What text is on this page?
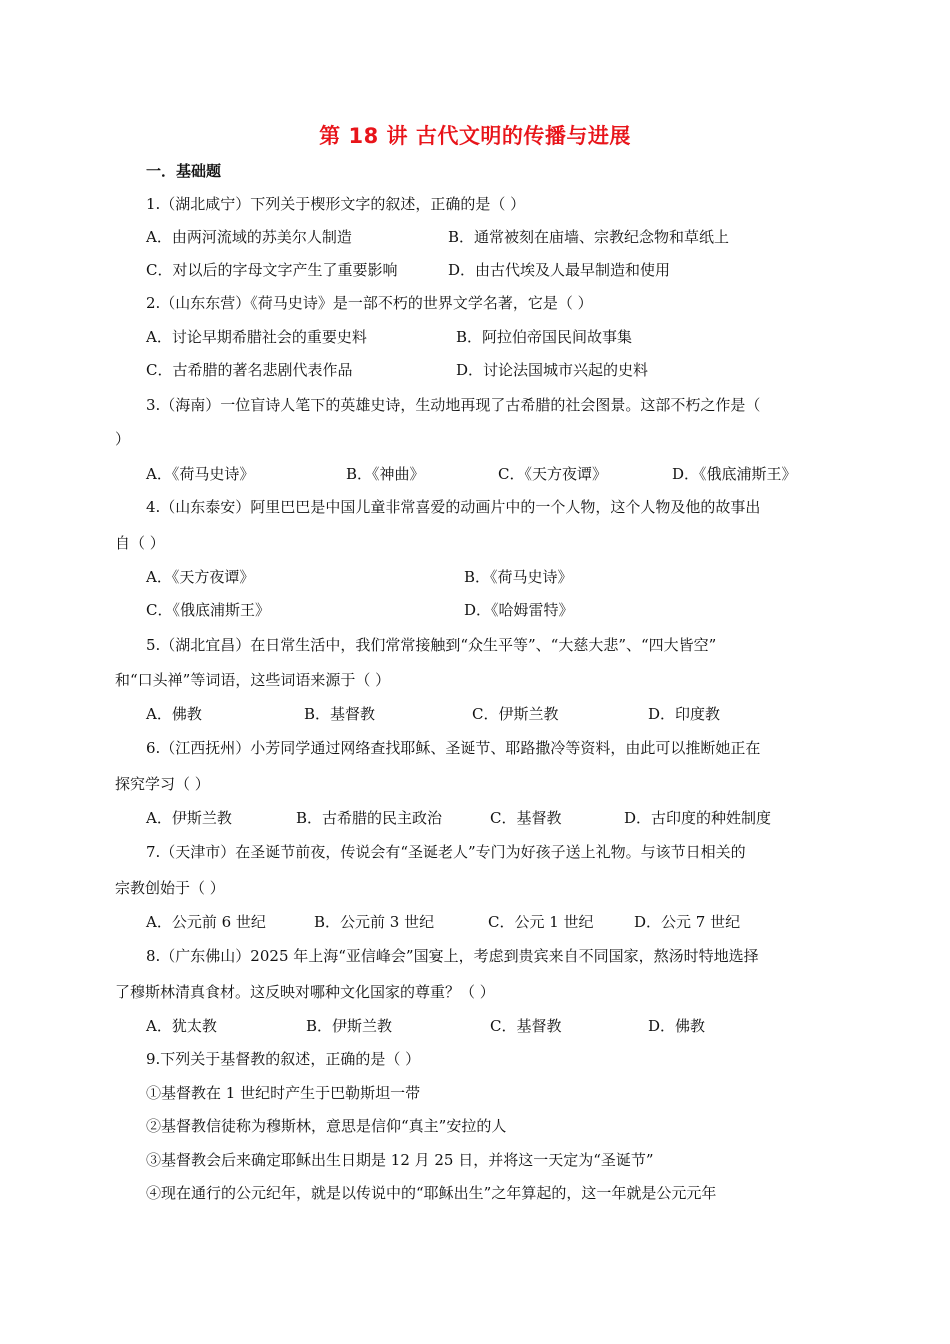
第 18 讲 古代文明的传播与进展
一．基础题
1.（湖北咸宁）下列关于楔形文字的叙述，正确的是（ ）
A．由两河流域的苏美尔人制造	B．通常被刻在庙墙、宗教纪念物和草纸上
C．对以后的字母文字产生了重要影响	D．由古代埃及人最早制造和使用
2.（山东东营）《荷马史诗》是一部不朽的世界文学名著，它是（ ）
A．讨论早期希腊社会的重要史料	B．阿拉伯帝国民间故事集
C．古希腊的著名悲剧代表作品	D．讨论法国城市兴起的史料
3.（海南）一位盲诗人笔下的英雄史诗，生动地再现了古希腊的社会图景。这部不朽之作是（
）
A．《荷马史诗》	B．《神曲》	C．《天方夜谭》	D．《俄底浦斯王》
4.（山东泰安）阿里巴巴是中国儿童非常喜爱的动画片中的一个人物，这个人物及他的故事出
自（ ）
A．《天方夜谭》	B．《荷马史诗》
C．《俄底浦斯王》	D．《哈姆雷特》
5.（湖北宜昌）在日常生活中，我们常常接触到“众生平等”、“大慈大悲”、“四大皆空”
和“口头禅”等词语，这些词语来源于（ ）
A．佛教	B．基督教	C．伊斯兰教	D．印度教
6.（江西抚州）小芳同学通过网络查找耶稣、圣诞节、耶路撒冷等资料，由此可以推断她正在
探究学习（ ）
A．伊斯兰教	B．古希腊的民主政治	C．基督教	D．古印度的种姓制度
7.（天津市）在圣诞节前夜，传说会有“圣诞老人”专门为好孩子送上礼物。与该节日相关的
宗教创始于（ ）
A．公元前 6 世纪	B．公元前 3 世纪	C．公元 1 世纪	D．公元 7 世纪
8.（广东佛山）2025 年上海“亚信峰会”国宴上，考虑到贵宾来自不同国家，熬汤时特地选择
了穆斯林清真食材。这反映对哪种文化国家的尊重？（ ）
A．犹太教	B．伊斯兰教	C．基督教	D．佛教
9.下列关于基督教的叙述，正确的是（ ）
①基督教在 1 世纪时产生于巴勒斯坦一带
②基督教信徒称为穆斯林，意思是信仰“真主”安拉的人
③基督教会后来确定耶稣出生日期是 12 月 25 日，并将这一天定为“圣诞节”
④现在通行的公元纪年，就是以传说中的“耶稣出生”之年算起的，这一年就是公元元年
